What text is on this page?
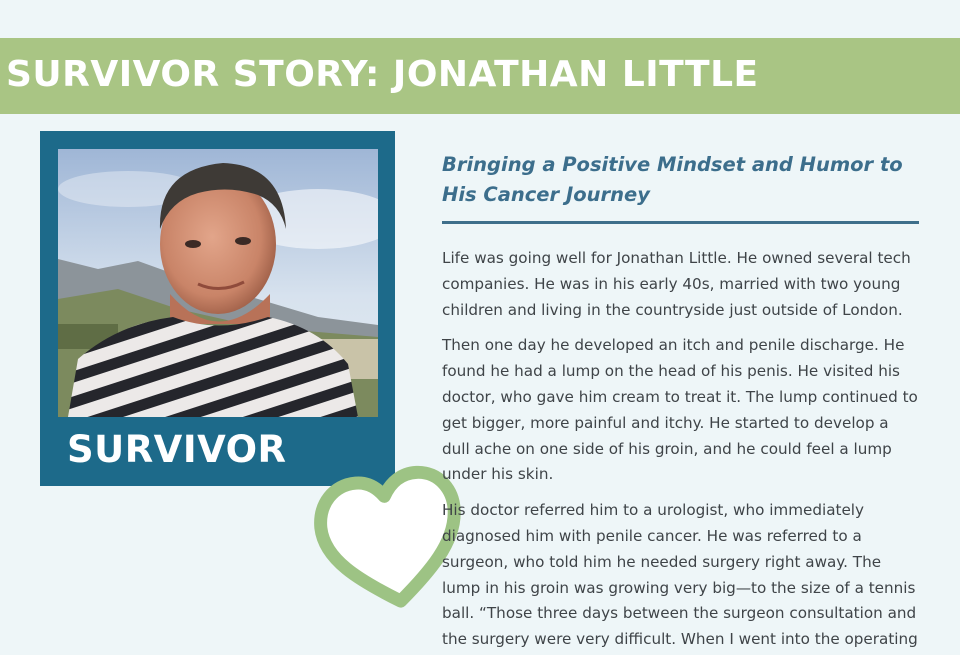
SURVIVOR STORY: JONATHAN LITTLE
SURVIVOR
Bringing a Positive Mindset and Humor to His Cancer Journey

Life was going well for Jonathan Little. He owned several tech companies. He was in his early 40s, married with two young children and living in the countryside just outside of London.

Then one day he developed an itch and penile discharge. He found he had a lump on the head of his penis. He visited his doctor, who gave him cream to treat it. The lump continued to get bigger, more painful and itchy. He started to develop a dull ache on one side of his groin, and he could feel a lump under his skin.

His doctor referred him to a urologist, who immediately diagnosed him with penile cancer. He was referred to a surgeon, who told him he needed surgery right away. The lump in his groin was growing very big—to the size of a tennis ball. “Those three days between the surgeon consultation and the surgery were very difficult. When I went into the operating
